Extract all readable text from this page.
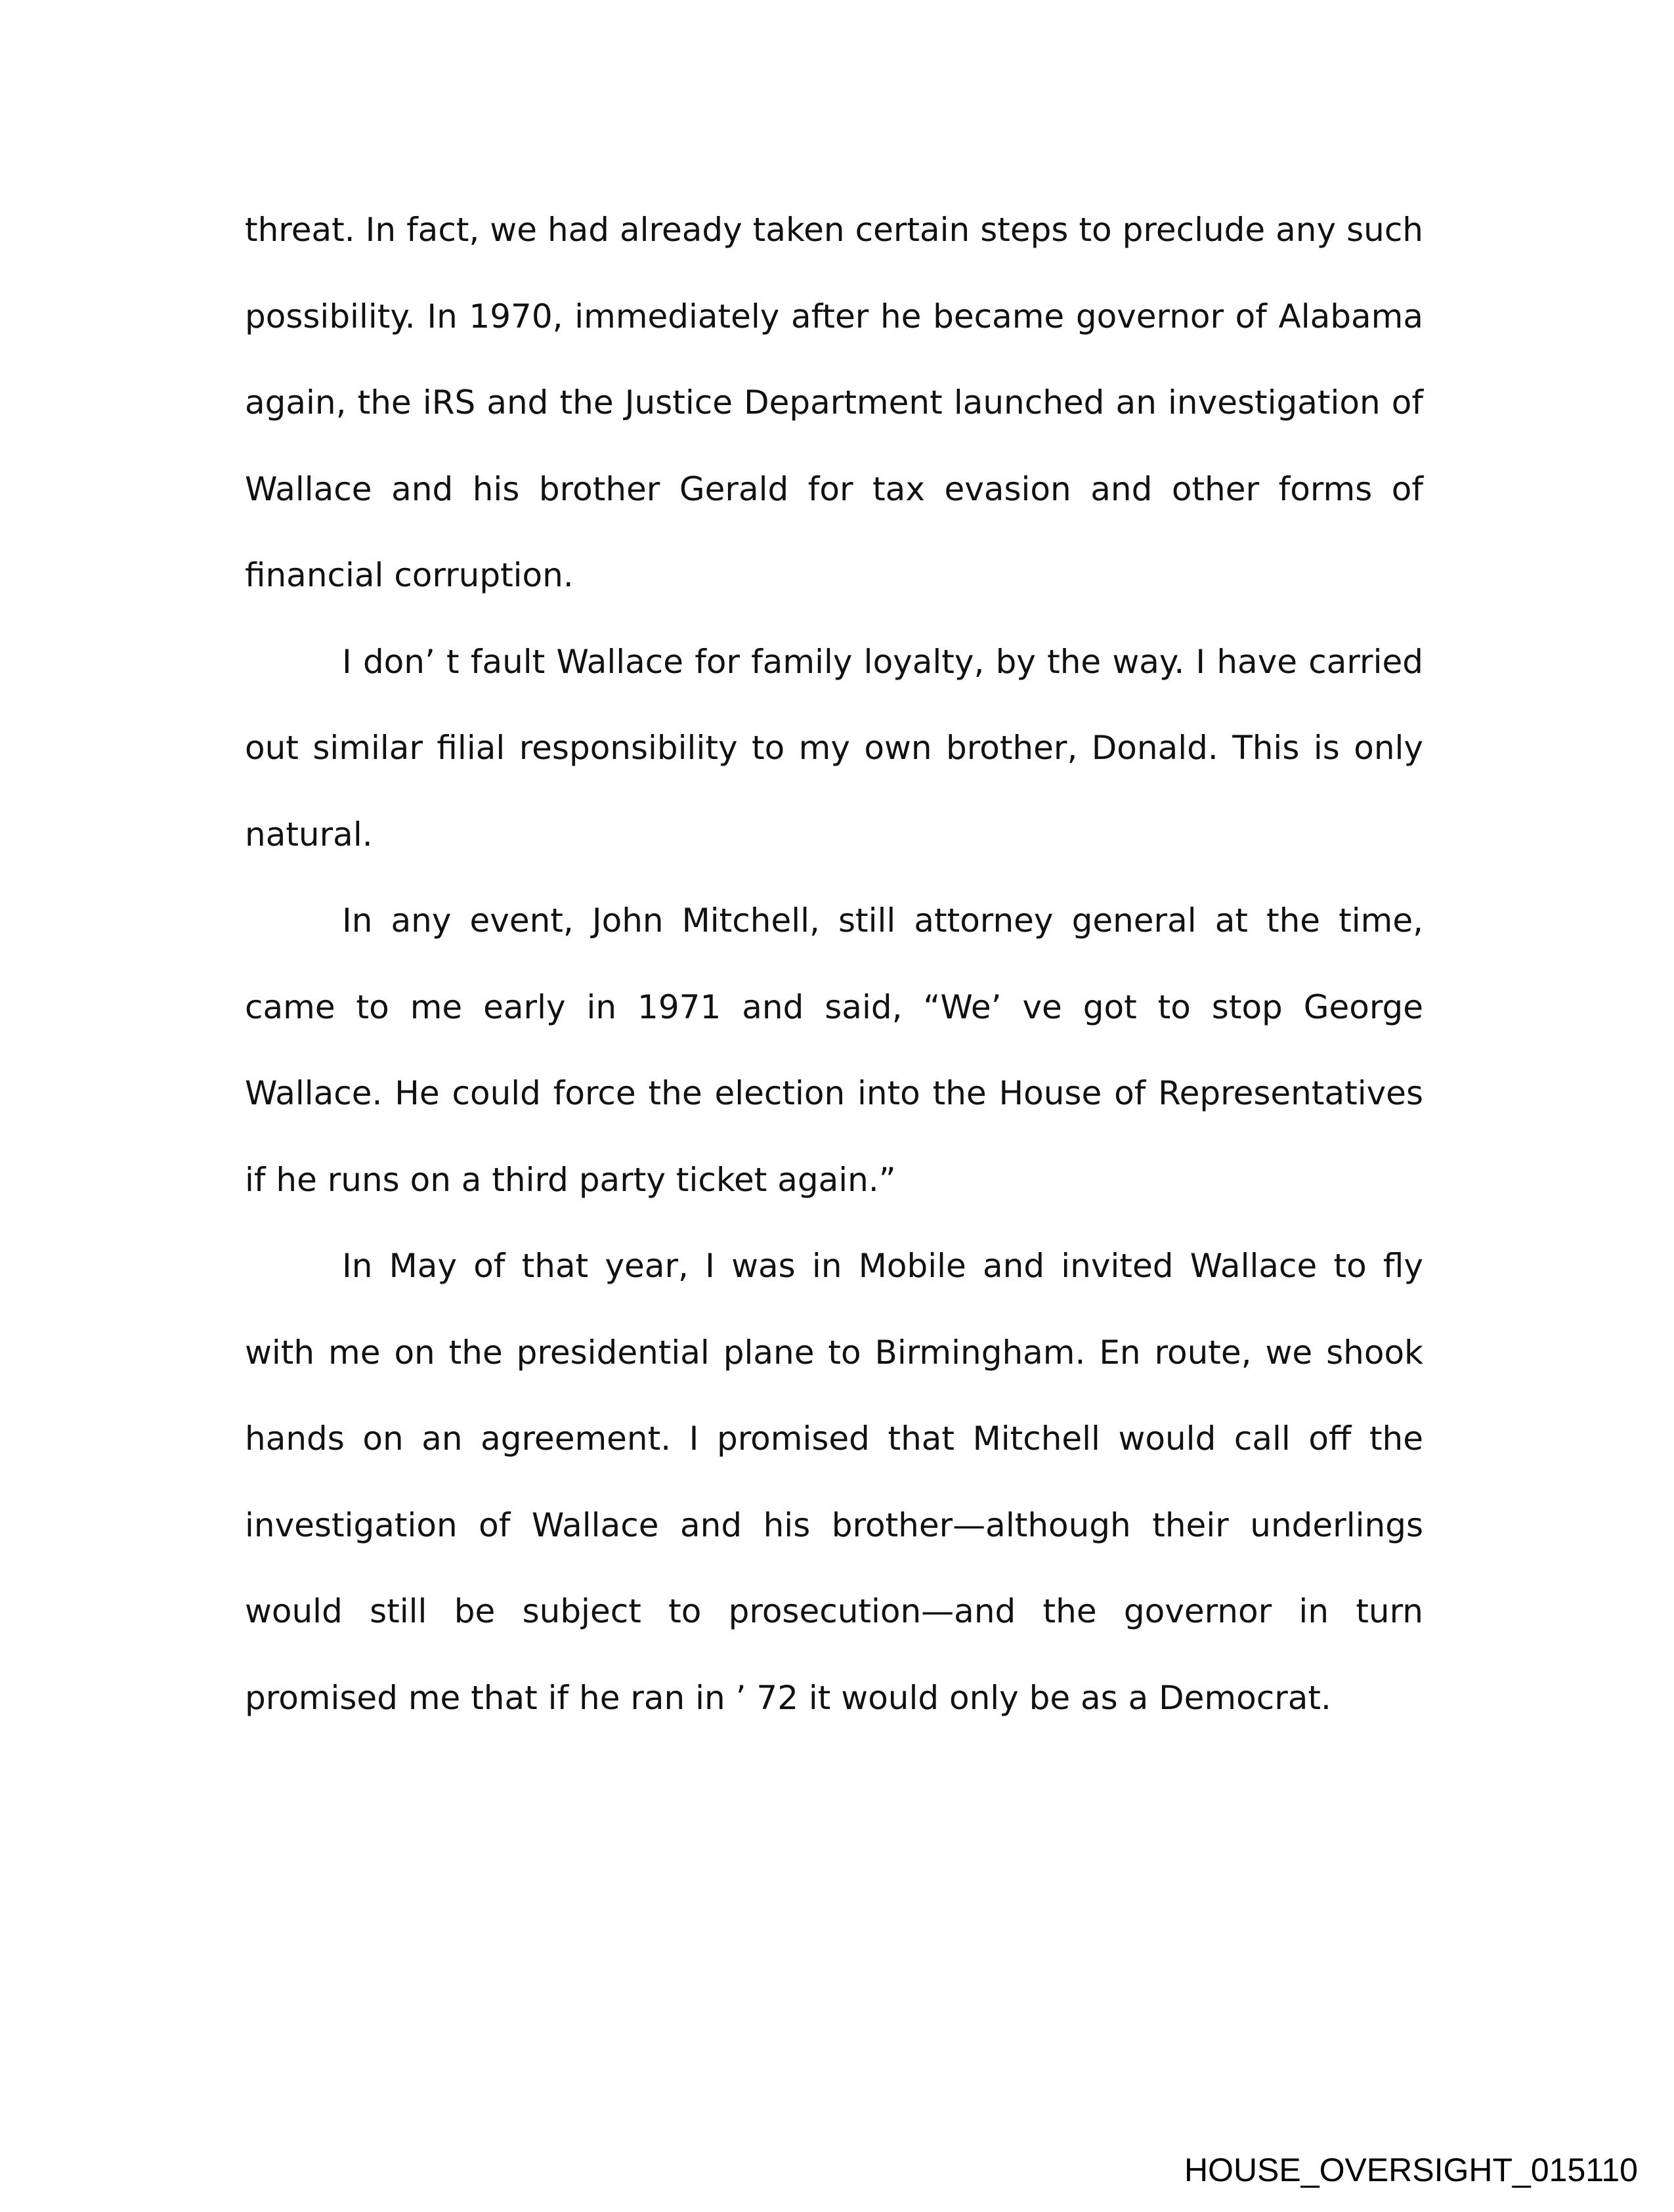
threat. In fact, we had already taken certain steps to preclude any such possibility. In 1970, immediately after he became governor of Alabama again, the iRS and the Justice Department launched an investigation of Wallace and his brother Gerald for tax evasion and other forms of financial corruption.

I don’ t fault Wallace for family loyalty, by the way. I have carried out similar filial responsibility to my own brother, Donald. This is only natural.

In any event, John Mitchell, still attorney general at the time, came to me early in 1971 and said, “We’ ve got to stop George Wallace. He could force the election into the House of Representatives if he runs on a third party ticket again.”

In May of that year, I was in Mobile and invited Wallace to fly with me on the presidential plane to Birmingham. En route, we shook hands on an agreement. I promised that Mitchell would call off the investigation of Wallace and his brother—although their underlings would still be subject to prosecution—and the governor in turn promised me that if he ran in ’ 72 it would only be as a Democrat.

HOUSE_OVERSIGHT_015110
